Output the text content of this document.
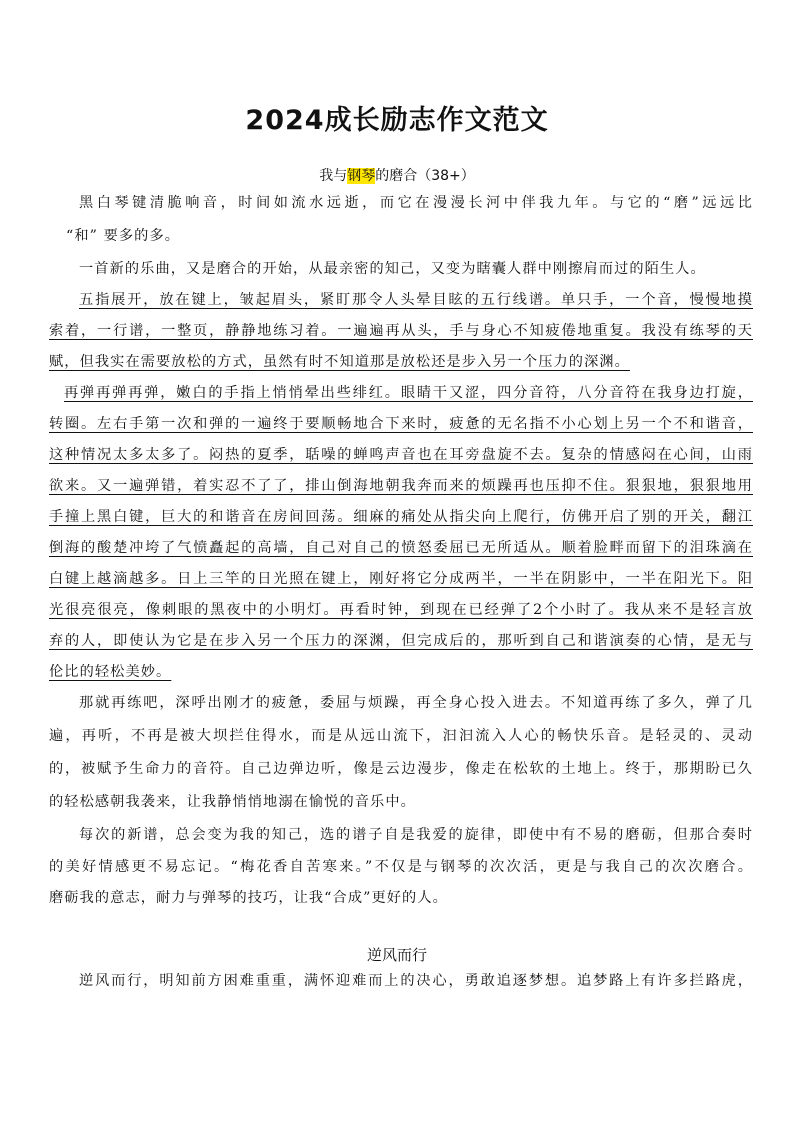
2024成长励志作文范文
我与钢琴的磨合（38+）
黑白琴键清脆响音，时间如流水远逝，而它在漫漫长河中伴我九年。与它的“磨”远远比
“和” 要多的多。
一首新的乐曲，又是磨合的开始，从最亲密的知己，又变为瞎囊人群中刚擦肩而过的陌生人。
五指展开，放在键上，皱起眉头，紧盯那令人头晕目眩的五行线谱。单只手，一个音，慢慢地摸
索着，一行谱，一整页，静静地练习着。一遍遍再从头，手与身心不知疲倦地重复。我没有练琴的天
赋，但我实在需要放松的方式，虽然有时不知道那是放松还是步入另一个压力的深渊。
再弹再弹再弹，嫩白的手指上悄悄晕出些绯红。眼睛干又涩，四分音符，八分音符在我身边打旋，
转圈。左右手第一次和弹的一遍终于要顺畅地合下来时，疲惫的无名指不小心划上另一个不和谐音，
这种情况太多太多了。闷热的夏季，聒噪的蝉鸣声音也在耳旁盘旋不去。复杂的情感闷在心间，山雨
欲来。又一遍弹错，着实忍不了了，排山倒海地朝我奔而来的烦躁再也压抑不住。狠狠地，狠狠地用
手撞上黑白键，巨大的和谐音在房间回荡。细麻的痛处从指尖向上爬行，仿佛开启了别的开关，翻江
倒海的酸楚冲垮了气愤矗起的高墙，自己对自己的愤怒委屈已无所适从。顺着脸畔而留下的泪珠滴在
白键上越滴越多。日上三竿的日光照在键上，刚好将它分成两半，一半在阴影中，一半在阳光下。阳
光很亮很亮，像刺眼的黑夜中的小明灯。再看时钟，到现在已经弹了2个小时了。我从来不是轻言放
弃的人，即使认为它是在步入另一个压力的深渊，但完成后的，那听到自己和谐演奏的心情，是无与
伦比的轻松美妙。
那就再练吧，深呼出刚才的疲惫，委屈与烦躁，再全身心投入进去。不知道再练了多久，弹了几
遍，再听，不再是被大坝拦住得水，而是从远山流下，汩汩流入人心的畅快乐音。是轻灵的、灵动
的，被赋予生命力的音符。自己边弹边听，像是云边漫步，像走在松软的土地上。终于，那期盼已久
的轻松感朝我袭来，让我静悄悄地溺在愉悦的音乐中。
每次的新谱，总会变为我的知己，选的谱子自是我爱的旋律，即使中有不易的磨砺，但那合奏时
的美好情感更不易忘记。“梅花香自苦寒来。”不仅是与钢琴的次次活，更是与我自己的次次磨合。
磨砺我的意志，耐力与弹琴的技巧，让我“合成”更好的人。
逆风而行
逆风而行，明知前方困难重重，满怀迎难而上的决心，勇敢追逐梦想。追梦路上有许多拦路虎，
